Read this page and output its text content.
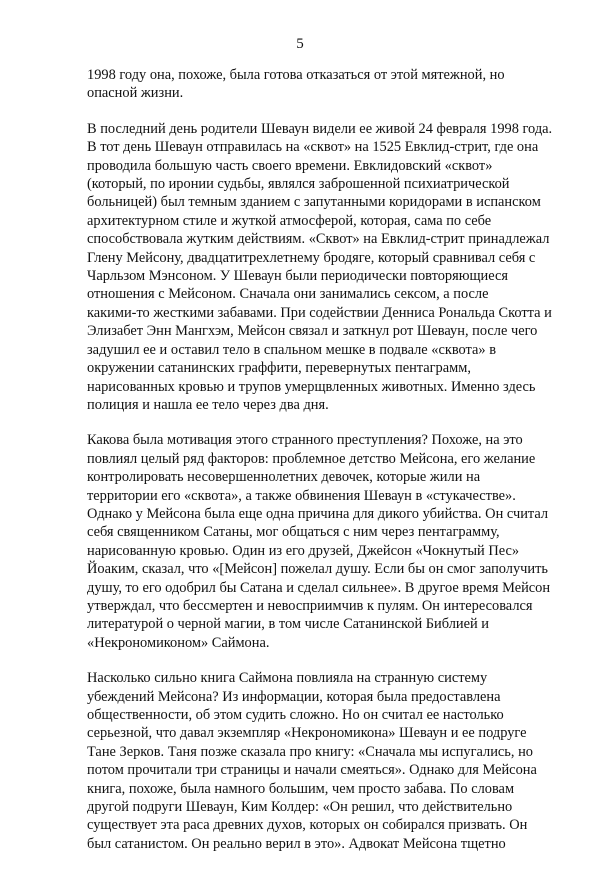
5

1998 году она, похоже, была готова отказаться от этой мятежной, но
опасной жизни.

В последний день родители Шеваун видели ее живой 24 февраля 1998 года.
В тот день Шеваун отправилась на «сквот» на 1525 Евклид-стрит, где она
проводила большую часть своего времени. Евклидовский «сквот»
(который, по иронии судьбы, являлся заброшенной психиатрической
больницей) был темным зданием с запутанными коридорами в испанском
архитектурном стиле и жуткой атмосферой, которая, сама по себе
способствовала жутким действиям. «Сквот» на Евклид-стрит принадлежал
Глену Мейсону, двадцатитрехлетнему бродяге, который сравнивал себя с
Чарльзом Мэнсоном. У Шеваун были периодически повторяющиеся
отношения с Мейсоном. Сначала они занимались сексом, а после
какими-то жесткими забавами. При содействии Денниса Рональда Скотта и
Элизабет Энн Мангхэм, Мейсон связал и заткнул рот Шеваун, после чего
задушил ее и оставил тело в спальном мешке в подвале «сквота» в
окружении сатанинских граффити, перевернутых пентаграмм,
нарисованных кровью и трупов умерщвленных животных. Именно здесь
полиция и нашла ее тело через два дня.

Какова была мотивация этого странного преступления? Похоже, на это
повлиял целый ряд факторов: проблемное детство Мейсона, его желание
контролировать несовершеннолетних девочек, которые жили на
территории его «сквота», а также обвинения Шеваун в «стукачестве».
Однако у Мейсона была еще одна причина для дикого убийства. Он считал
себя священником Сатаны, мог общаться с ним через пентаграмму,
нарисованную кровью. Один из его друзей, Джейсон «Чокнутый Пес»
Йоаким, сказал, что «[Мейсон] пожелал душу. Если бы он смог заполучить
душу, то его одобрил бы Сатана и сделал сильнее». В другое время Мейсон
утверждал, что бессмертен и невосприимчив к пулям. Он интересовался
литературой о черной магии, в том числе Сатанинской Библией и
«Некрономиконом» Саймона.

Насколько сильно книга Саймона повлияла на странную систему
убеждений Мейсона? Из информации, которая была предоставлена
общественности, об этом судить сложно. Но он считал ее настолько
серьезной, что давал экземпляр «Некрономикона» Шеваун и ее подруге
Тане Зерков. Таня позже сказала про книгу: «Сначала мы испугались, но
потом прочитали три страницы и начали смеяться». Однако для Мейсона
книга, похоже, была намного большим, чем просто забава. По словам
другой подруги Шеваун, Ким Колдер: «Он решил, что действительно
существует эта раса древних духов, которых он собирался призвать. Он
был сатанистом. Он реально верил в это». Адвокат Мейсона тщетно
